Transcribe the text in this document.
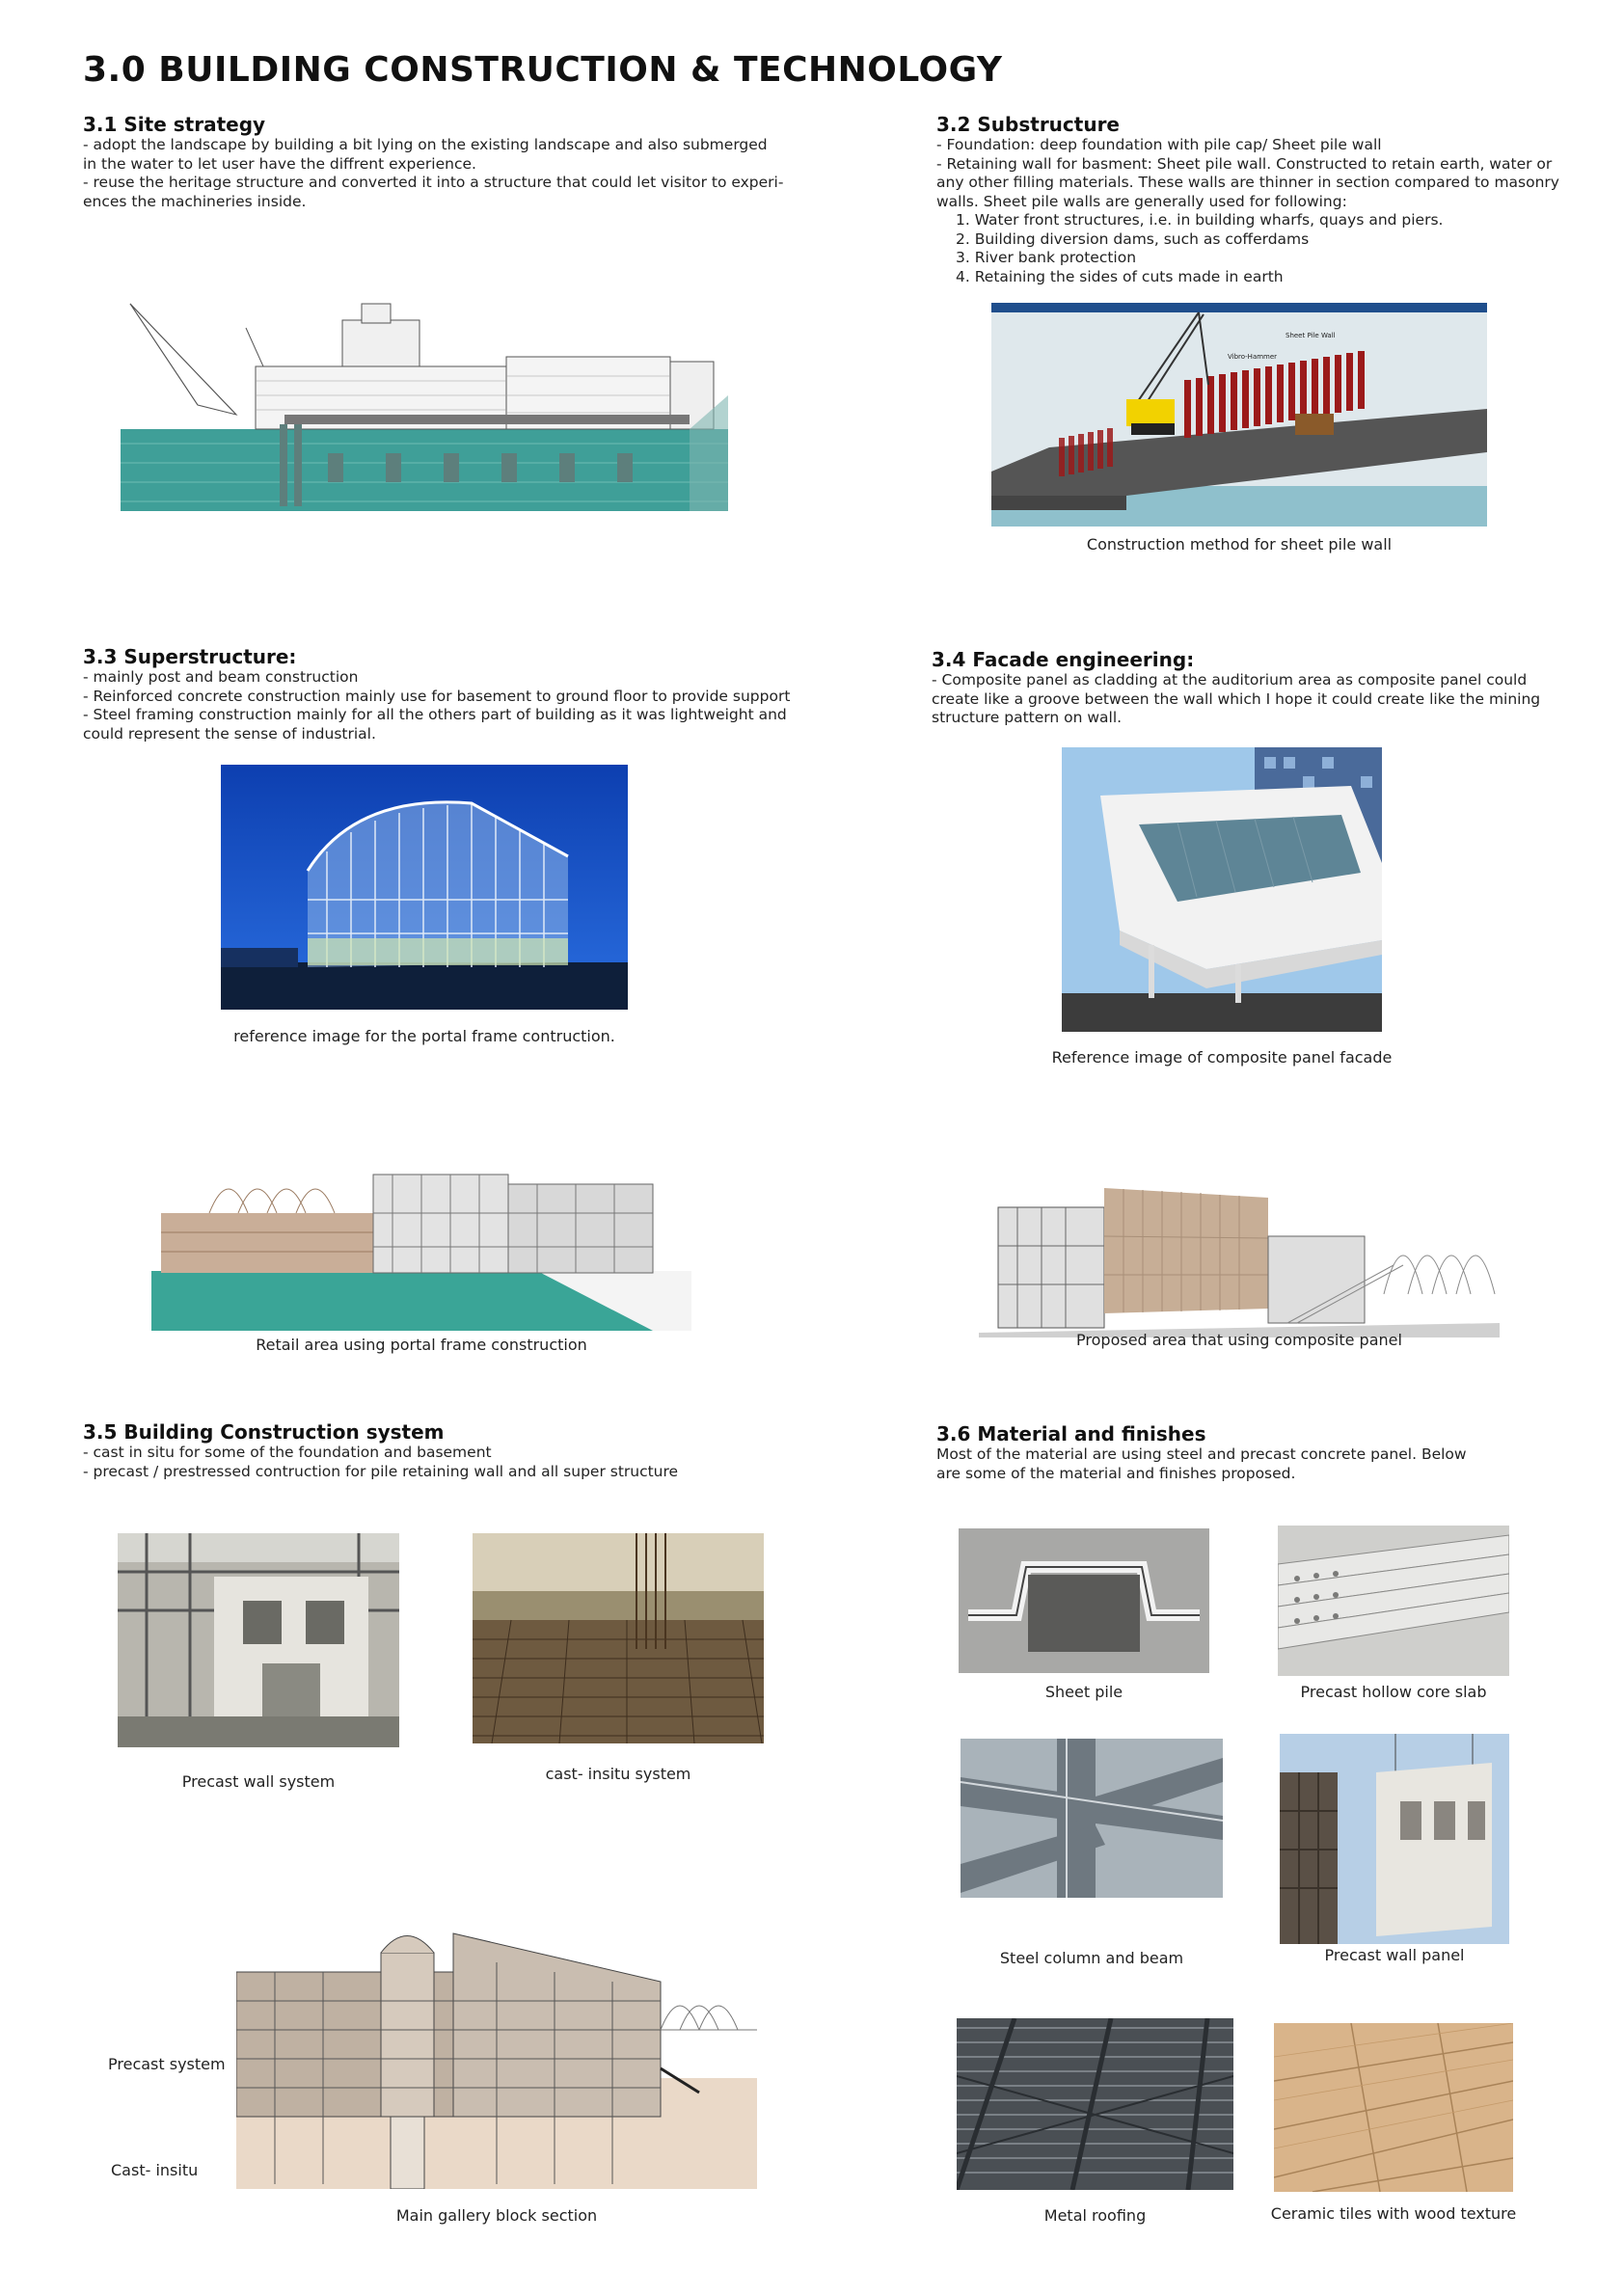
3.0 BUILDING CONSTRUCTION & TECHNOLOGY
3.1 Site strategy
- adopt the landscape by building a bit lying on the existing landscape and also submerged
in the water to let user have the diffrent experience.
- reuse the heritage structure and converted it into a structure that could let visitor to experi-
ences the machineries inside.
3.2 Substructure
- Foundation: deep foundation with pile cap/ Sheet pile wall
- Retaining wall for basment: Sheet pile wall. Constructed to retain earth, water or
any other filling materials. These walls are thinner in section compared to masonry
walls. Sheet pile walls are generally used for following:
1. Water front structures, i.e. in building wharfs, quays and piers.
2. Building diversion dams, such as cofferdams
3. River bank protection
4. Retaining the sides of cuts made in earth
Sheet Pile Wall
Vibro-Hammer
Construction method for sheet pile wall
3.3 Superstructure:
- mainly post and beam construction
- Reinforced concrete construction mainly use for basement to ground floor to provide support
- Steel framing construction mainly for all the others part of building as it was lightweight and
could represent the sense of industrial.
reference image for the portal frame contruction.
Retail area using portal frame construction
3.4 Facade engineering:
- Composite panel as cladding at the auditorium area as composite panel could
create like a groove between the wall which I hope it could create like the mining
structure pattern on wall.
Reference image of composite panel facade
Proposed area that using composite panel
3.5 Building Construction system
- cast in situ for some of the foundation and basement
- precast / prestressed contruction for pile retaining wall and all super structure
Precast wall system	cast- insitu system
Precast system
Cast- insitu
Main gallery block section
3.6 Material and finishes
Most of the material are using steel and precast concrete panel. Below
are some of the material and finishes proposed.
Sheet pile	Precast hollow core slab
Steel column and beam	Precast wall panel
Metal roofing	Ceramic tiles with wood texture
